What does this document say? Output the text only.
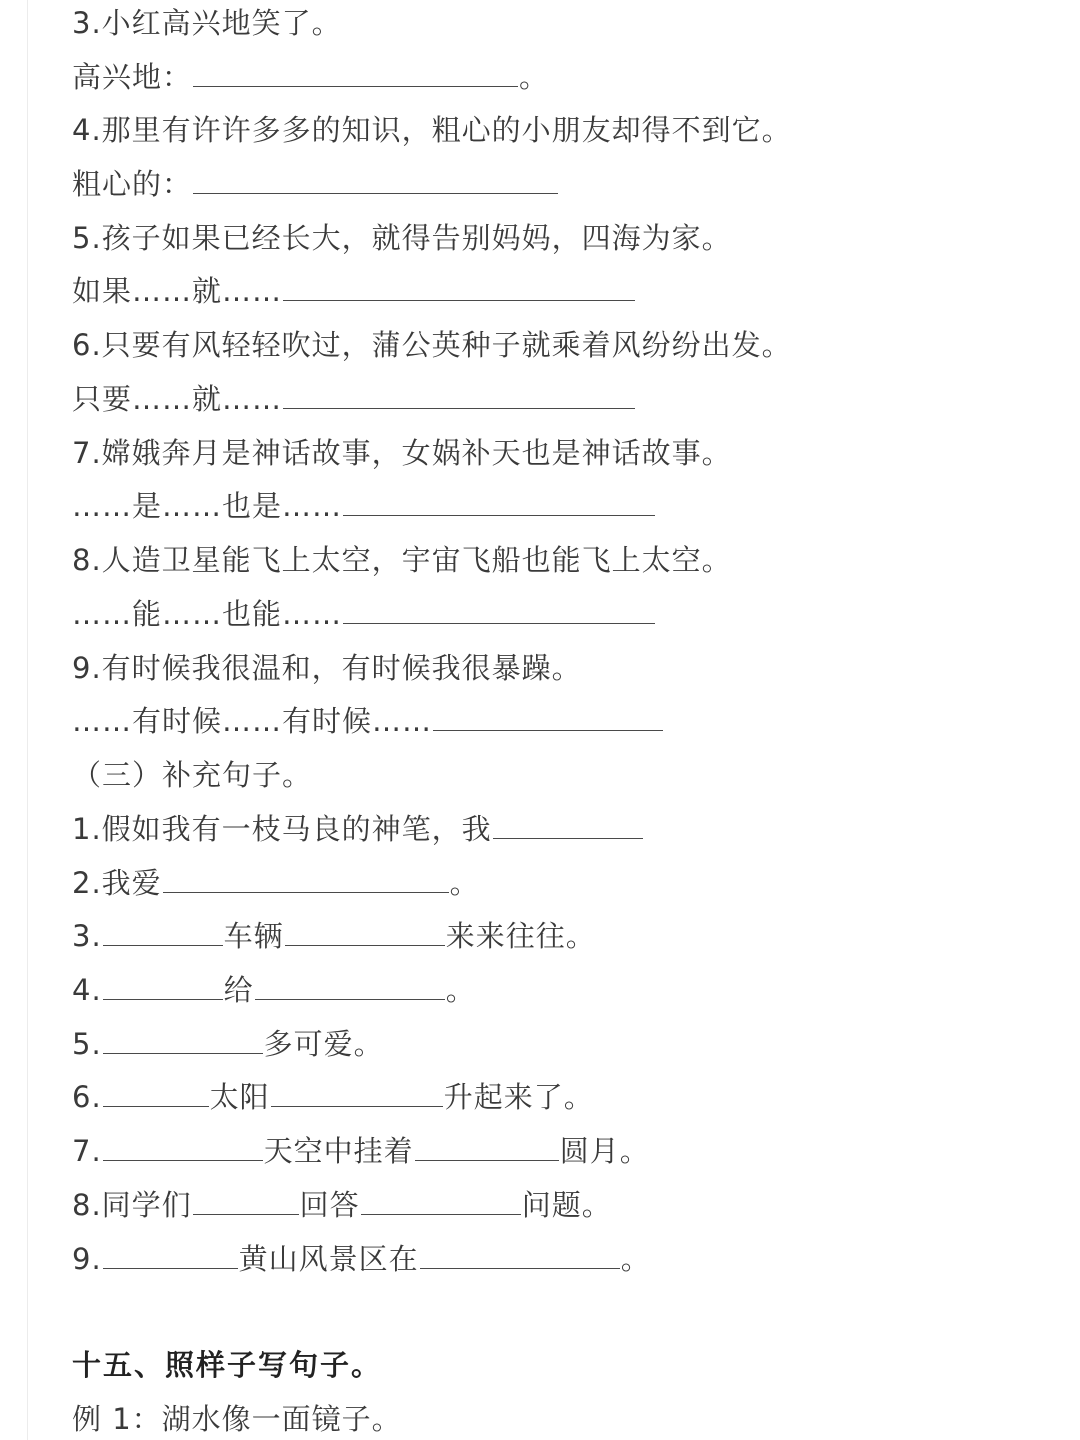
3.小红高兴地笑了。
高兴地：	。
4.那里有许许多多的知识，粗心的小朋友却得不到它。
粗心的：
5.孩子如果已经长大，就得告别妈妈，四海为家。
如果……就……
6.只要有风轻轻吹过，蒲公英种子就乘着风纷纷出发。
只要……就……
7.嫦娥奔月是神话故事，女娲补天也是神话故事。
……是……也是……
8.人造卫星能飞上太空，宇宙飞船也能飞上太空。
……能……也能……
9.有时候我很温和，有时候我很暴躁。
……有时候……有时候……
（三）补充句子。
1.假如我有一枝马良的神笔，我
2.我爱	。
3.	车辆	来来往往。
4.	给	。
5.	多可爱。
6.	太阳	升起来了。
7.	天空中挂着	圆月。
8.同学们	回答	问题。
9.	黄山风景区在	。
十五、照样子写句子。
例 1：湖水像一面镜子。
